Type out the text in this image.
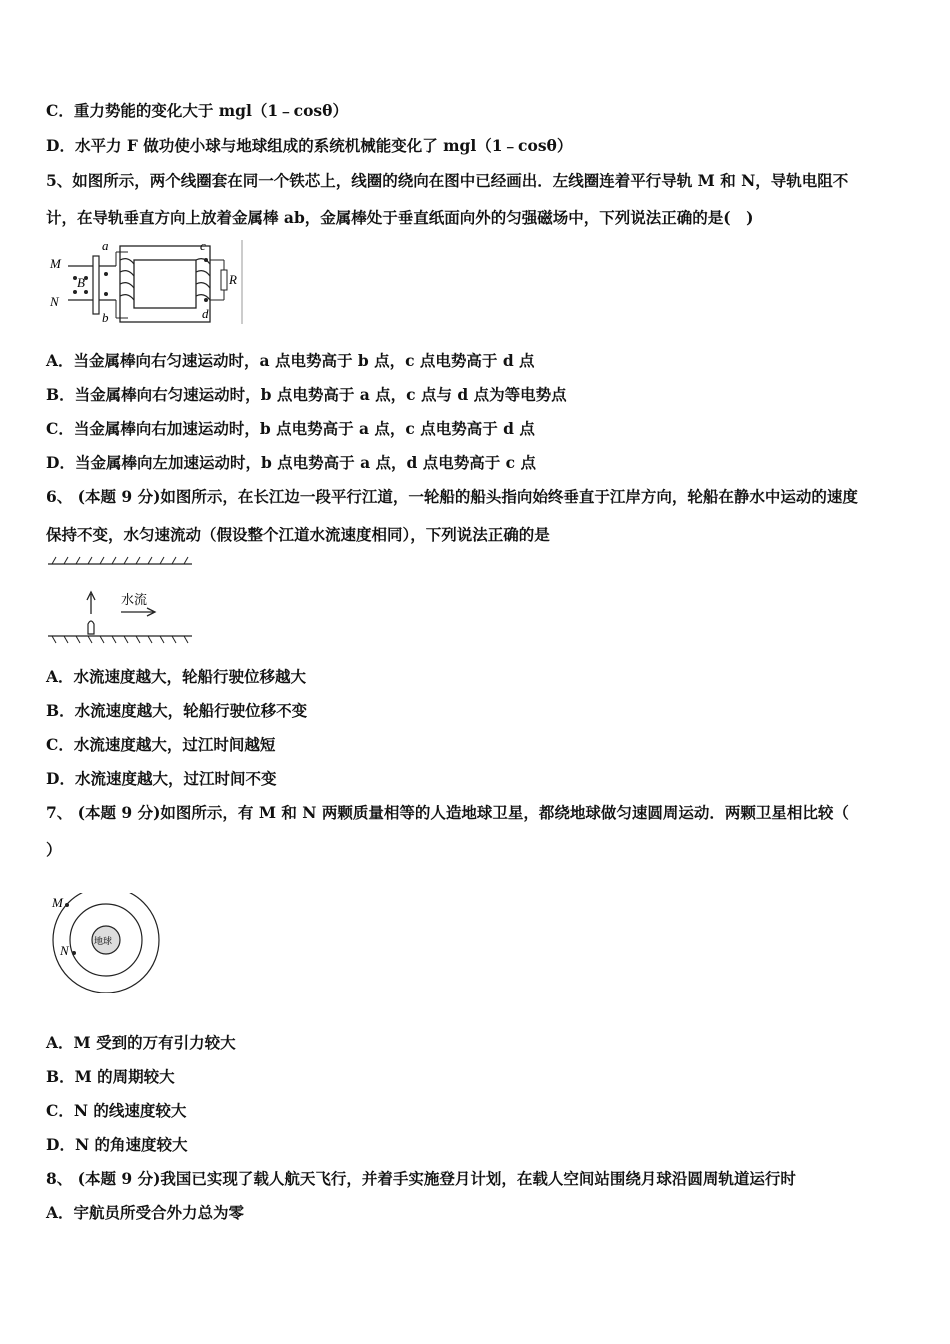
C．重力势能的变化大于 mgl（1﹣cosθ）
D．水平力 F 做功使小球与地球组成的系统机械能变化了 mgl（1﹣cosθ）
5、如图所示，两个线圈套在同一个铁芯上，线圈的绕向在图中已经画出．左线圈连着平行导轨 M 和 N，导轨电阻不
计，在导轨垂直方向上放着金属棒 ab，金属棒处于垂直纸面向外的匀强磁场中，下列说法正确的是(　)
M
N
B
a
b
c
d
R
A．当金属棒向右匀速运动时，a 点电势高于 b 点，c 点电势高于 d 点
B．当金属棒向右匀速运动时，b 点电势高于 a 点，c 点与 d 点为等电势点
C．当金属棒向右加速运动时，b 点电势高于 a 点，c 点电势高于 d 点
D．当金属棒向左加速运动时，b 点电势高于 a 点，d 点电势高于 c 点
6、 (本题 9 分)如图所示，在长江边一段平行江道，一轮船的船头指向始终垂直于江岸方向，轮船在静水中运动的速度
保持不变，水匀速流动（假设整个江道水流速度相同），下列说法正确的是
水流
A．水流速度越大，轮船行驶位移越大
B．水流速度越大，轮船行驶位移不变
C．水流速度越大，过江时间越短
D．水流速度越大，过江时间不变
7、 (本题 9 分)如图所示，有 M 和 N 两颗质量相等的人造地球卫星，都绕地球做匀速圆周运动．两颗卫星相比较（
）
地球
M
N
A．M 受到的万有引力较大
B．M 的周期较大
C．N 的线速度较大
D．N 的角速度较大
8、 (本题 9 分)我国已实现了载人航天飞行，并着手实施登月计划，在载人空间站围绕月球沿圆周轨道运行时
A．宇航员所受合外力总为零
